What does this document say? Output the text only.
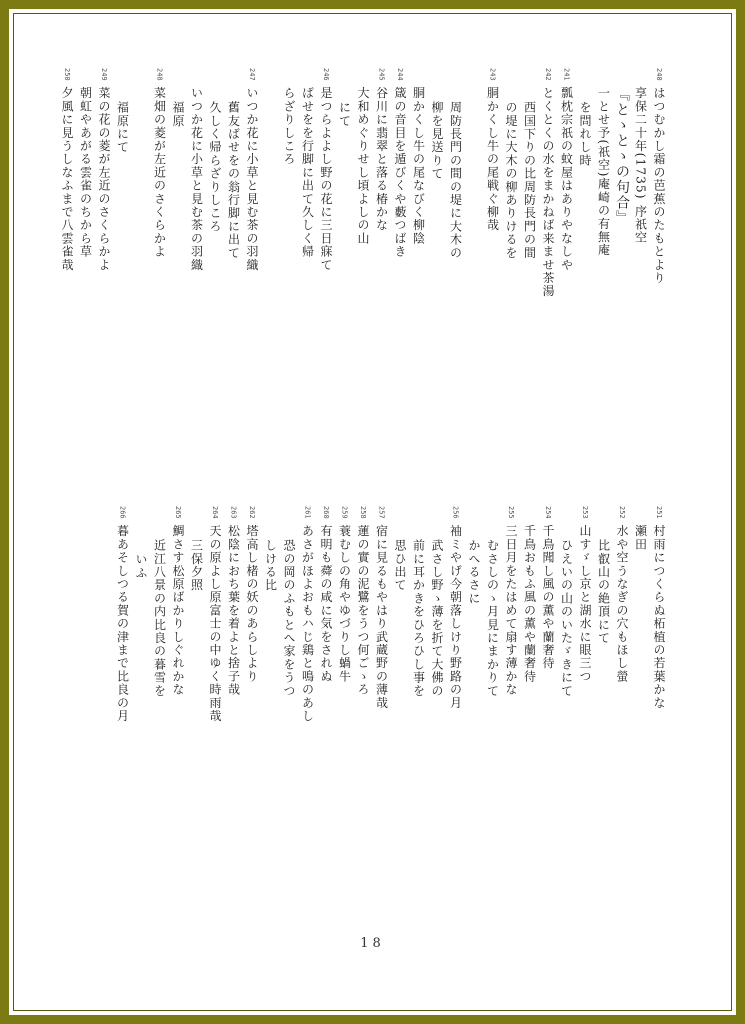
240はつむかし霜の芭蕉のたもとより
享保二十年(1735) 序祇空
『とゝとゝの句合』
一とせ予(祇空)庵崎の有無庵
を問れし時
241瓢枕宗祇の蚊屋はありやなしや
242とくとくの水をまかねば来ませ茶湯
西国下りの比周防長門の間
の堤に大木の柳ありけるを
243胴かくし牛の尾戦ぐ柳哉
周防長門の間の堤に大木の
柳を見送りて
胴かくし牛の尾なびく柳陰
244箴の音目を遁びくや藪つばき
245谷川に翡翠と落る椿かな
大和めぐりせし頃よしの山
にて
246是つらよよし野の花に三日寐て
ばせをを行脚に出て久しく帰
らざりしころ
247いつか花に小草と見む茶の羽織
舊友ばせをの翁行脚に出て
久しく帰らざりしころ
いつか花に小草と見む茶の羽織
福原
248菜畑の菱が左近のさくらかよ
福原にて
249菜の花の菱が左近のさくらかよ
朝虹やあがる雲雀のちから草
250夕風に見うしなふまで八雲雀哉
251村雨につくらぬ柘植の若葉かな
瀬田
252水や空うなぎの穴もほし螢
比叡山の絶頂にて
253山すゞし京と湖水に眼三つ
ひえいの山のいたゞきにて
254千鳥聞し風の薫や蘭奢待
千鳥おもふ風の薫や蘭奢待
255三日月をたはめて扇す薄かな
むさしのゝ月見にまかりて
かへるさに
256袖ミやげ今朝落しけり野路の月
武さし野ゝ薄を折て大佛の
前に耳かきをひろひし事を
思ひ出て
257宿に見るもやはり武蔵野の薄哉
258蓮の實の泥鷺をうつ何ごゝろ
259蓑むしの角やゆづりし蝸牛
260有明も蕣の咸に気をされぬ
261あさがほよおもハじ鶏と鳴のあし
恐の岡のふもとへ家をうつ
しける比
262塔高し楮の妖のあらしより
263松陰におち葉を着よと捨子哉
264天の原よし原富士の中ゆく時雨哉
三保夕照
265鯛さす松原ばかりしぐれかな
近江八景の内比良の暮雪を
いふ
266暮あそしつる賀の津まで比良の月
18
